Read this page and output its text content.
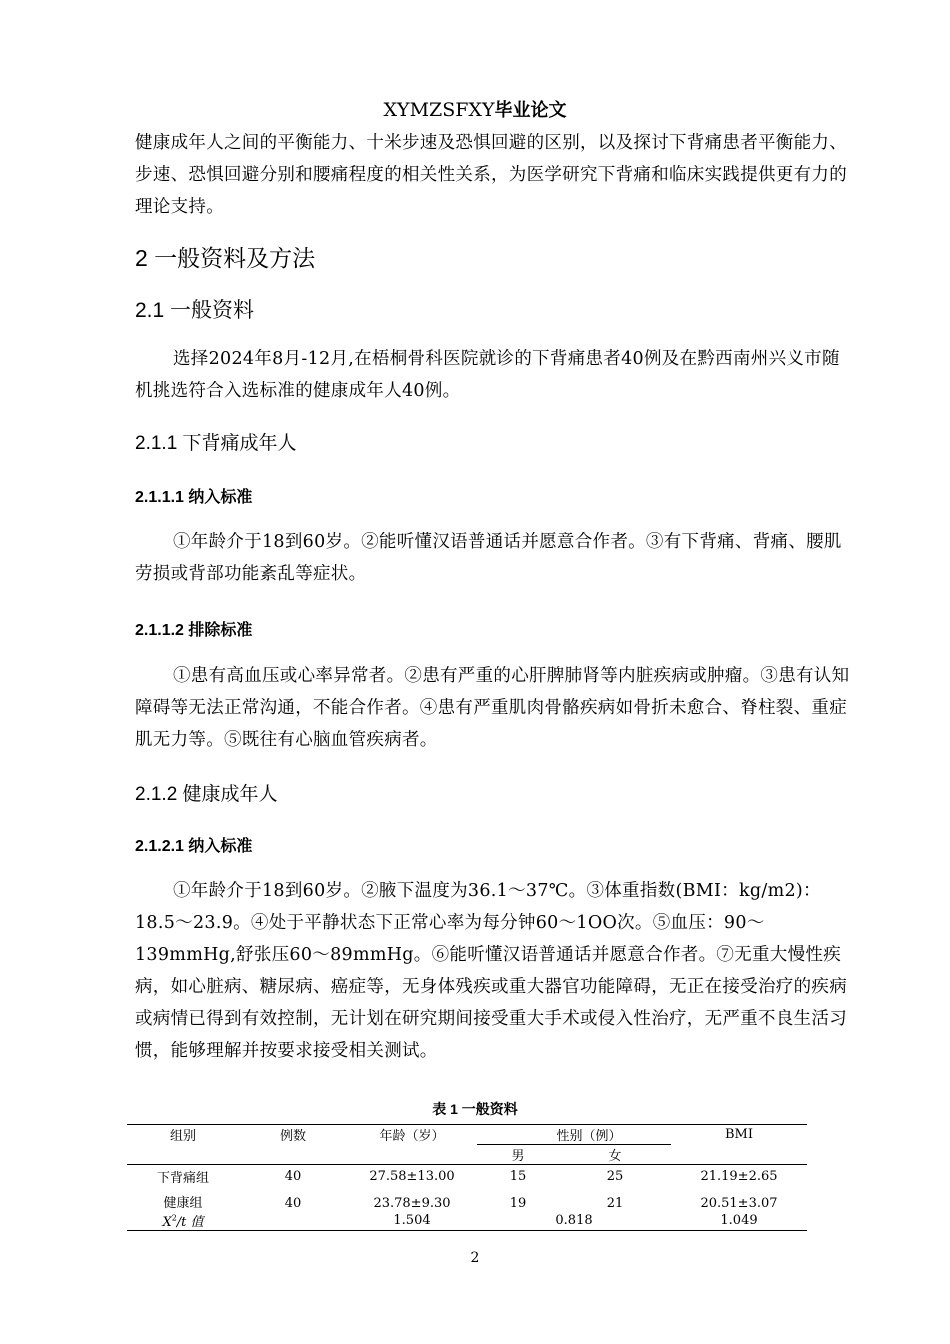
XYMZSFXY毕业论文
健康成年人之间的平衡能力、十米步速及恐惧回避的区别，以及探讨下背痛患者平衡能力、步速、恐惧回避分别和腰痛程度的相关性关系，为医学研究下背痛和临床实践提供更有力的理论支持。
2 一般资料及方法
2.1 一般资料
选择2024年8月-12月,在梧桐骨科医院就诊的下背痛患者40例及在黔西南州兴义市随机挑选符合入选标准的健康成年人40例。
2.1.1 下背痛成年人
2.1.1.1 纳入标准
①年龄介于18到60岁。②能听懂汉语普通话并愿意合作者。③有下背痛、背痛、腰肌劳损或背部功能紊乱等症状。
2.1.1.2 排除标准
①患有高血压或心率异常者。②患有严重的心肝脾肺肾等内脏疾病或肿瘤。③患有认知障碍等无法正常沟通，不能合作者。④患有严重肌肉骨骼疾病如骨折未愈合、脊柱裂、重症肌无力等。⑤既往有心脑血管疾病者。
2.1.2 健康成年人
2.1.2.1 纳入标准
①年龄介于18到60岁。②腋下温度为36.1～37℃。③体重指数(BMI：kg/m2)：18.5～23.9。④处于平静状态下正常心率为每分钟60～1OO次。⑤血压：90～139mmHg,舒张压60～89mmHg。⑥能听懂汉语普通话并愿意合作者。⑦无重大慢性疾病，如心脏病、糖尿病、癌症等，无身体残疾或重大器官功能障碍，无正在接受治疗的疾病或病情已得到有效控制，无计划在研究期间接受重大手术或侵入性治疗，无严重不良生活习惯，能够理解并按要求接受相关测试。
表 1 一般资料
组别	例数	年龄（岁）	性别（例）		BMI
			男	女	
下背痛组	40	27.58±13.00	15	25	21.19±2.65
健康组	40	23.78±9.30	19	21	20.51±3.07
$X^2/t$ 值		1.504	0.818		1.049
2
